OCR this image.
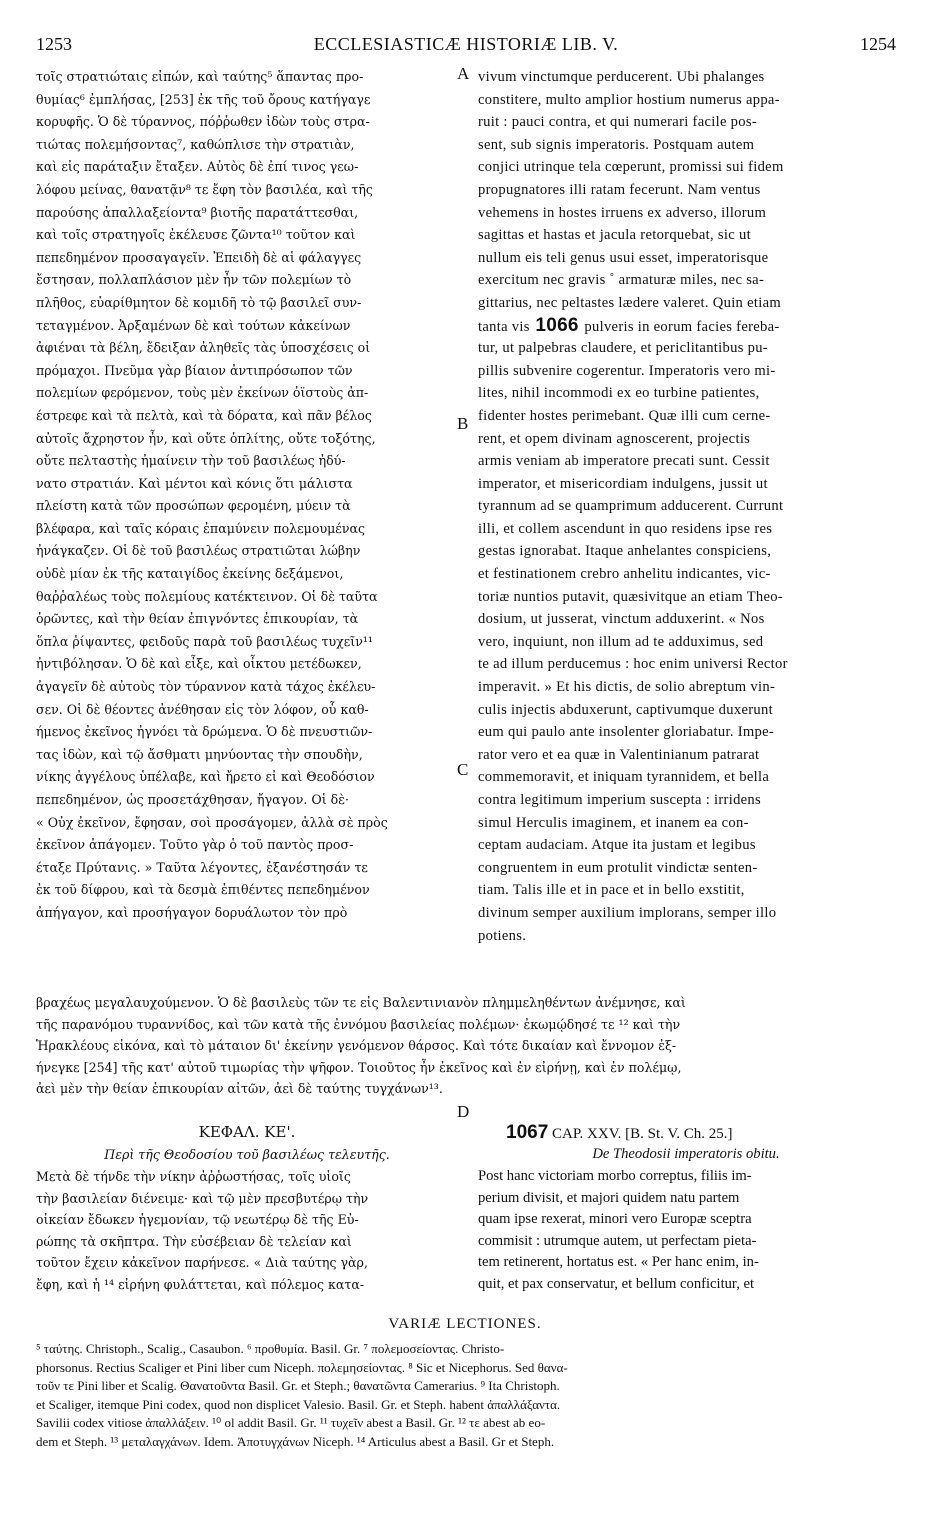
1253	ECCLESIASTICÆ HISTORIÆ LIB. V.	1254
A
B
C
D
τοῖς στρατιώταις εἰπών, καὶ ταύτης⁵ ἅπαντας προ-
θυμίας⁶ ἐμπλήσας, [253] ἐκ τῆς τοῦ ὄρους κατήγαγε
κορυφῆς. Ὁ δὲ τύραννος, πόῤῥωθεν ἰδὼν τοὺς στρα-
τιώτας πολεμήσοντας⁷, καθώπλισε τὴν στρατιὰν,
καὶ εἰς παράταξιν ἔταξεν. Αὐτὸς δὲ ἐπί τινος γεω-
λόφου μείνας, θανατᾷν⁸ τε ἔφη τὸν βασιλέα, καὶ τῆς
παρούσης ἀπαλλαξείοντα⁹ βιοτῆς παρατάττεσθαι,
καὶ τοῖς στρατηγοῖς ἐκέλευσε ζῶντα¹⁰ τοῦτον καὶ
πεπεδημένον προσαγαγεῖν. Ἐπειδὴ δὲ αἱ φάλαγγες
ἔστησαν, πολλαπλάσιον μὲν ἦν τῶν πολεμίων τὸ
πλῆθος, εὐαρίθμητον δὲ κομιδῆ τὸ τῷ βασιλεῖ συν-
τεταγμένον. Ἀρξαμένων δὲ καὶ τούτων κἀκείνων
ἀφιέναι τὰ βέλη, ἔδειξαν ἀληθεῖς τὰς ὑποσχέσεις οἱ
πρόμαχοι. Πνεῦμα γὰρ βίαιον ἀντιπρόσωπον τῶν
πολεμίων φερόμενον, τοὺς μὲν ἐκείνων ὀϊστοὺς ἀπ-
έστρεφε καὶ τὰ πελτὰ, καὶ τὰ δόρατα, καὶ πᾶν βέλος
αὐτοῖς ἄχρηστον ἦν, καὶ οὔτε ὁπλίτης, οὔτε τοξότης,
οὔτε πελταστὴς ἠμαίνειν τὴν τοῦ βασιλέως ἠδύ-
νατο στρατιάν. Καὶ μέντοι καὶ κόνις ὅτι μάλιστα
πλείστη κατὰ τῶν προσώπων φερομένη, μύειν τὰ
βλέφαρα, καὶ ταῖς κόραις ἐπαμύνειν πολεμουμένας
ἠνάγκαζεν. Οἱ δὲ τοῦ βασιλέως στρατιῶται λώβην
οὐδὲ μίαν ἐκ τῆς καταιγίδος ἐκείνης δεξάμενοι,
θαῤῥαλέως τοὺς πολεμίους κατέκτεινον. Οἱ δὲ ταῦτα
ὁρῶντες, καὶ τὴν θείαν ἐπιγνόντες ἐπικουρίαν, τὰ
ὅπλα ῥίψαντες, φειδοῦς παρὰ τοῦ βασιλέως τυχεῖν¹¹
ἠντιβόλησαν. Ὁ δὲ καὶ εἶξε, καὶ οἶκτου μετέδωκεν,
ἀγαγεῖν δὲ αὐτοὺς τὸν τύραννον κατὰ τάχος ἐκέλευ-
σεν. Οἱ δὲ θέοντες ἀνέθησαν εἰς τὸν λόφον, οὗ καθ-
ήμενος ἐκεῖνος ἠγνόει τὰ δρώμενα. Ὁ δὲ πνευστιῶν-
τας ἰδὼν, καὶ τῷ ἄσθματι μηνύοντας τὴν σπουδὴν,
νίκης ἀγγέλους ὑπέλαβε, καὶ ἤρετο εἰ καὶ Θεοδόσιον
πεπεδημένον, ὡς προσετάχθησαν, ἤγαγον. Οἱ δὲ·
« Οὐχ ἐκεῖνον, ἔφησαν, σοὶ προσάγομεν, ἀλλὰ σὲ πρὸς
ἐκεῖνον ἀπάγομεν. Τοῦτο γὰρ ὁ τοῦ παντὸς προσ-
έταξε Πρύτανις. » Ταῦτα λέγοντες, ἐξανέστησάν τε
ἐκ τοῦ δίφρου, καὶ τὰ δεσμὰ ἐπιθέντες πεπεδημένον
ἀπήγαγον, καὶ προσήγαγον δορυάλωτον τὸν πρὸ
vivum vinctumque perducerent. Ubi phalanges
constitere, multo amplior hostium numerus appa-
ruit : pauci contra, et qui numerari facile pos-
sent, sub signis imperatoris. Postquam autem
conjici utrinque tela cœperunt, promissi sui fidem
propugnatores illi ratam fecerunt. Nam ventus
vehemens in hostes irruens ex adverso, illorum
sagittas et hastas et jacula retorquebat, sic ut
nullum eis teli genus usui esset, imperatorisque
exercitum nec gravis ˚ armaturæ miles, nec sa-
gittarius, nec peltastes lædere valeret. Quin etiam
tanta vis 1066 pulveris in eorum facies fereba-
tur, ut palpebras claudere, et periclitantibus pu-
pillis subvenire cogerentur. Imperatoris vero mi-
lites, nihil incommodi ex eo turbine patientes,
fidenter hostes perimebant. Quæ illi cum cerne-
rent, et opem divinam agnoscerent, projectis
armis veniam ab imperatore precati sunt. Cessit
imperator, et misericordiam indulgens, jussit ut
tyrannum ad se quamprimum adducerent. Currunt
illi, et collem ascendunt in quo residens ipse res
gestas ignorabat. Itaque anhelantes conspiciens,
et festinationem crebro anhelitu indicantes, vic-
toriæ nuntios putavit, quæsivitque an etiam Theo-
dosium, ut jusserat, vinctum adduxerint. « Nos
vero, inquiunt, non illum ad te adduximus, sed
te ad illum perducemus : hoc enim universi Rector
imperavit. » Et his dictis, de solio abreptum vin-
culis injectis abduxerunt, captivumque duxerunt
eum qui paulo ante insolenter gloriabatur. Impe-
rator vero et ea quæ in Valentinianum patrarat
commemoravit, et iniquam tyrannidem, et bella
contra legitimum imperium suscepta : irridens
simul Herculis imaginem, et inanem ea con-
ceptam audaciam. Atque ita justam et legibus
congruentem in eum protulit vindictæ senten-
tiam. Talis ille et in pace et in bello exstitit,
divinum semper auxilium implorans, semper illo
potiens.
βραχέως μεγαλαυχούμενον. Ὁ δὲ βασιλεὺς τῶν τε εἰς Βαλεντινιανὸν πλημμεληθέντων ἀνέμνησε, καὶ
τῆς παρανόμου τυραννίδος, καὶ τῶν κατὰ τῆς ἐννόμου βασιλείας πολέμων· ἐκωμῴδησέ τε ¹² καὶ τὴν
Ἡρακλέους εἰκόνα, καὶ τὸ μάταιον δι' ἐκείνην γενόμενον θάρσος. Καὶ τότε δικαίαν καὶ ἔννομον ἐξ-
ήνεγκε [254] τῆς κατ' αὐτοῦ τιμωρίας τὴν ψῆφον. Τοιοῦτος ἦν ἐκεῖνος καὶ ἐν εἰρήνῃ, καὶ ἐν πολέμῳ,
ἀεὶ μὲν τὴν θείαν ἐπικουρίαν αἰτῶν, ἀεὶ δὲ ταύτης τυγχάνων¹³.
ΚΕΦΑΛ. ΚΕ'.
Περὶ τῆς Θεοδοσίου τοῦ βασιλέως τελευτῆς.
Μετὰ δὲ τήνδε τὴν νίκην ἀῤῥωστήσας, τοῖς υἱοῖς
τὴν βασιλείαν διένειμε· καὶ τῷ μὲν πρεσβυτέρῳ τὴν
οἰκείαν ἔδωκεν ἡγεμονίαν, τῷ νεωτέρῳ δὲ τῆς Εὐ-
ρώπης τὰ σκῆπτρα. Τὴν εὐσέβειαν δὲ τελείαν καὶ
τοῦτον ἔχειν κἀκεῖνον παρήνεσε. « Διὰ ταύτης γὰρ,
ἔφη, καὶ ἡ ¹⁴ εἰρήνη φυλάττεται, καὶ πόλεμος κατα-
1067 CAP. XXV. [B. St. V. Ch. 25.]
De Theodosii imperatoris obitu.
Post hanc victoriam morbo correptus, filiis im-
perium divisit, et majori quidem natu partem
quam ipse rexerat, minori vero Europæ sceptra
commisit : utrumque autem, ut perfectam pieta-
tem retinerent, hortatus est. « Per hanc enim, in-
quit, et pax conservatur, et bellum conficitur, et
VARIÆ LECTIONES.
⁵ ταύτης. Christoph., Scalig., Casaubon. ⁶ προθυμία. Basil. Gr. ⁷ πολεμοσείοντας. Christo-
phorsonus. Rectius Scaliger et Pini liber cum Niceph. πολεμησείοντας. ⁸ Sic et Nicephorus. Sed θανα-
τοῦν τε Pini liber et Scalig. Θανατοῦντα Basil. Gr. et Steph.; θανατῶντα Camerarius. ⁹ Ita Christoph.
et Scaliger, itemque Pini codex, quod non displicet Valesio. Basil. Gr. et Steph. habent ἀπαλλάξαντα.
Savilii codex vitiose ἀπαλλάξειν. ¹⁰ ol addit Basil. Gr. ¹¹ τυχεῖν abest a Basil. Gr. ¹² τε abest ab eo-
dem et Steph. ¹³ μεταλαγχάνων. Idem. Ἀποτυγχάνων Niceph. ¹⁴ Articulus abest a Basil. Gr et Steph.
